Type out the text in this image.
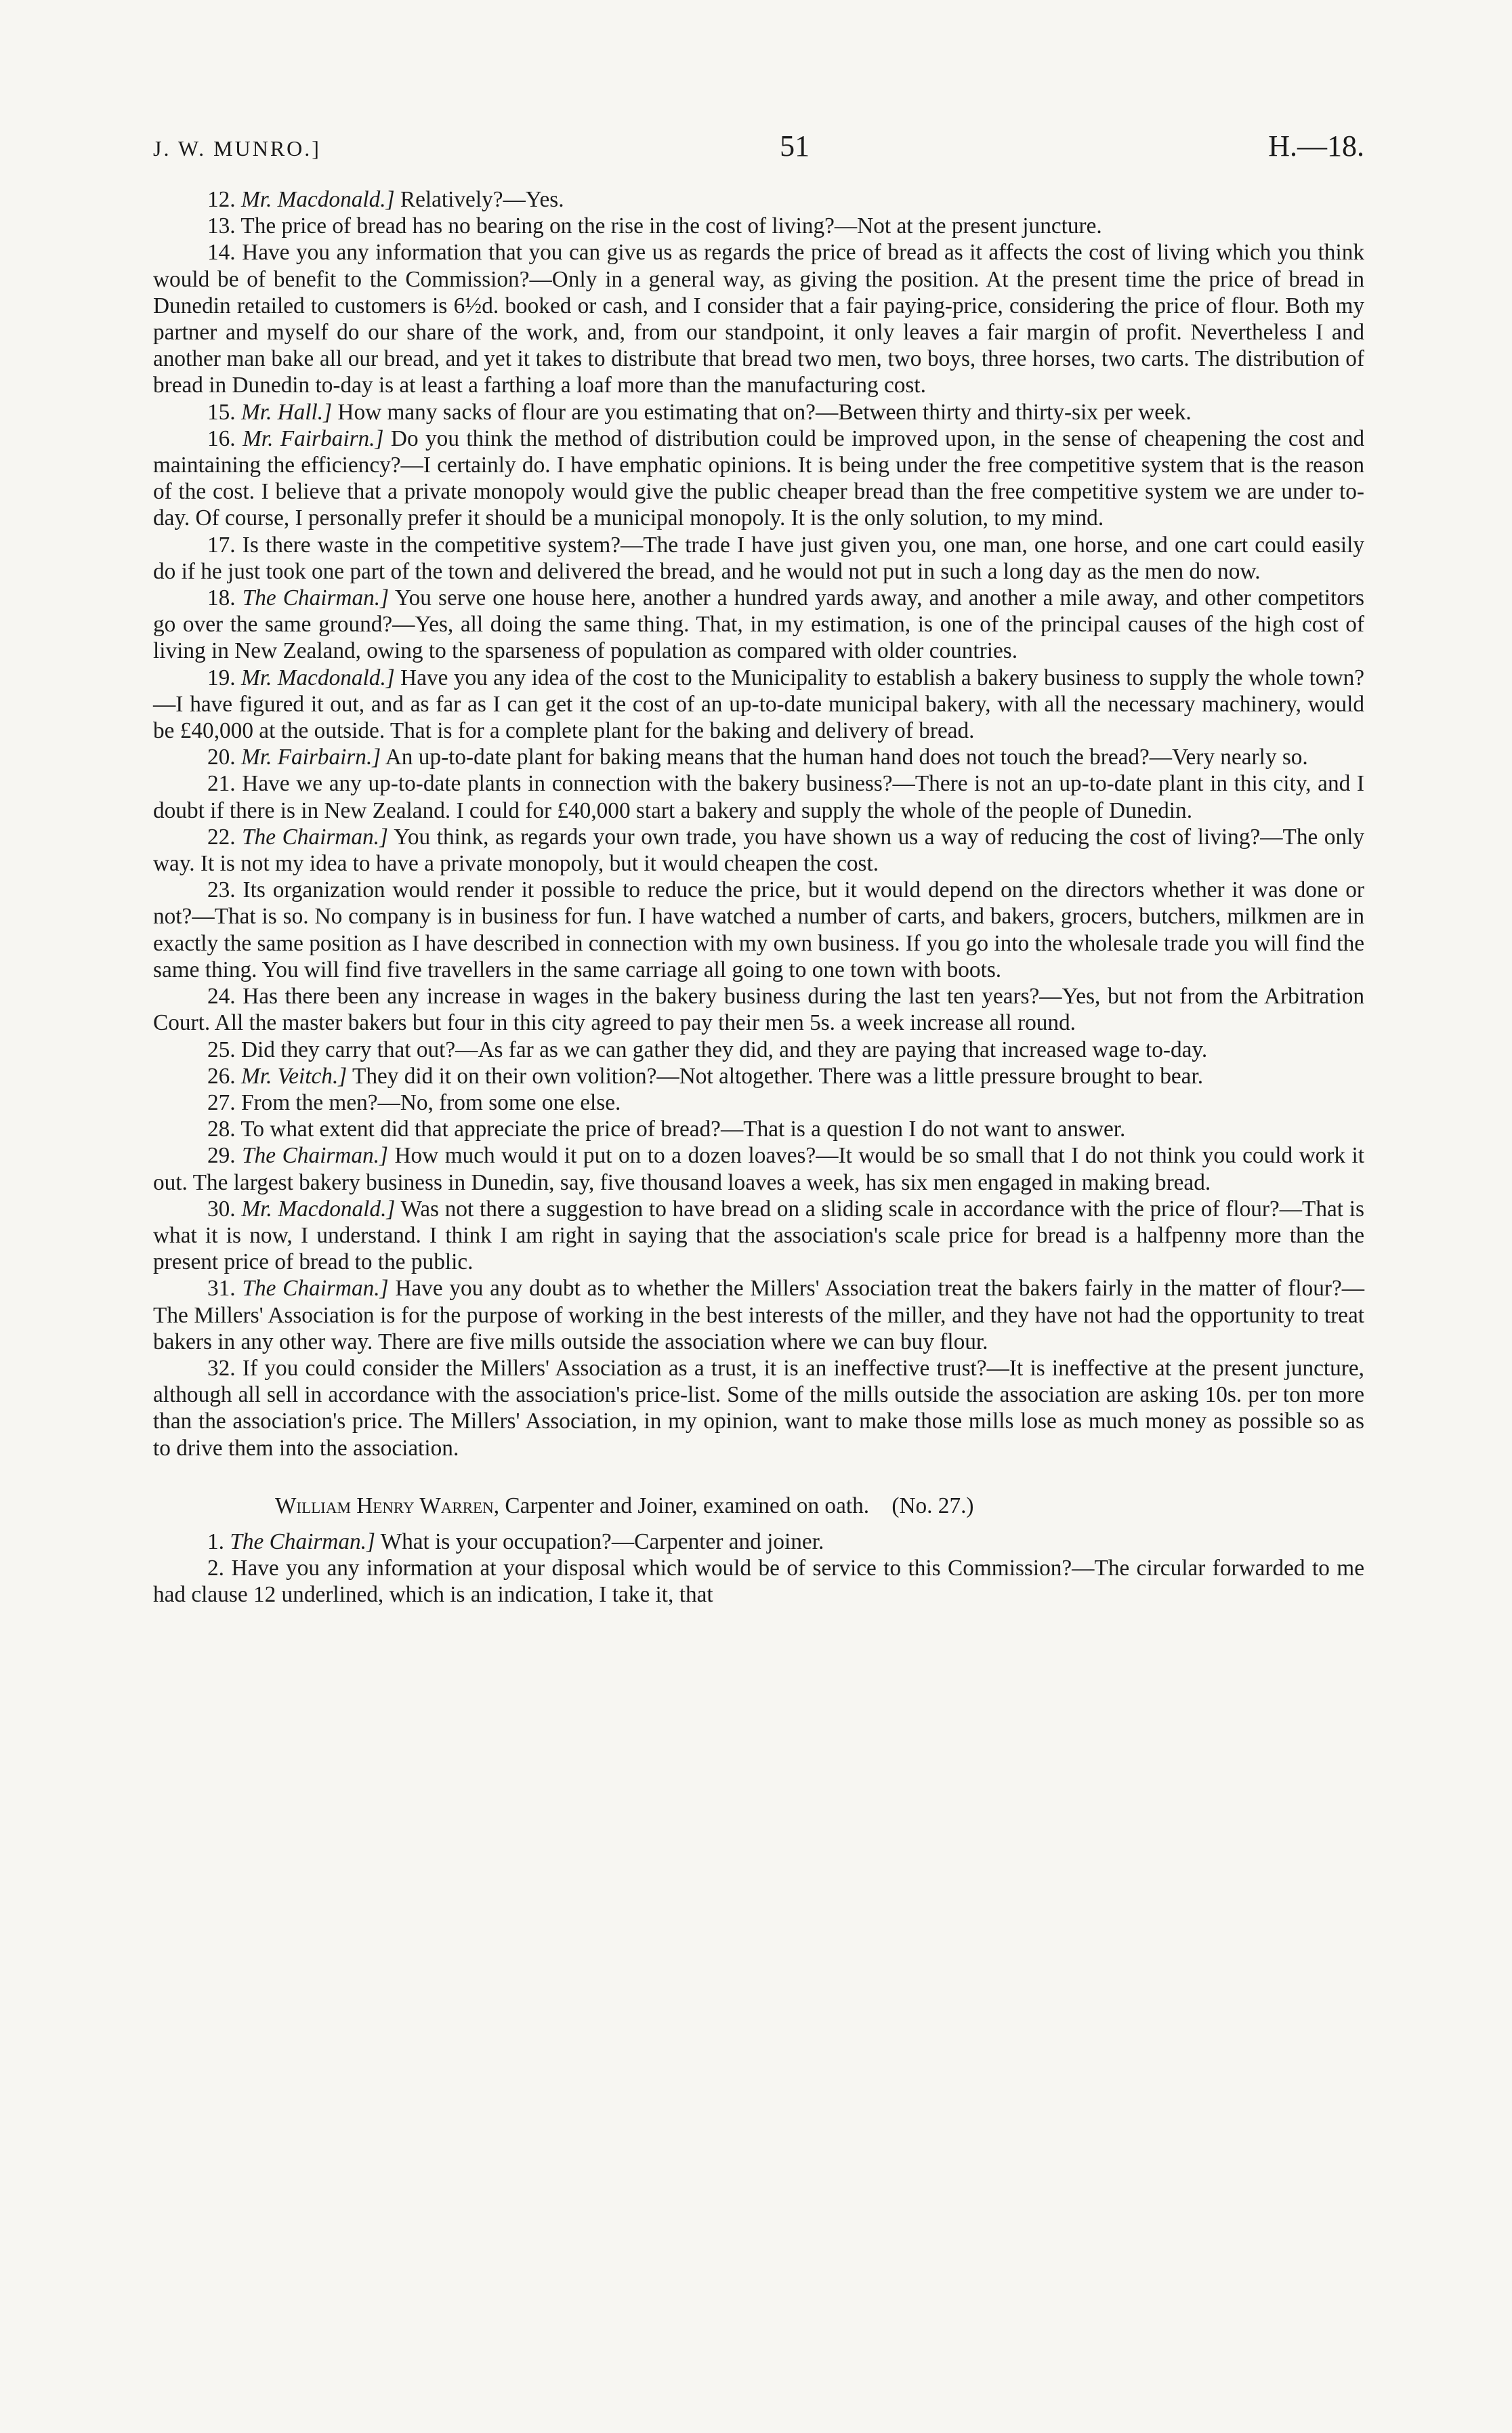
J. W. MUNRO.]	51	H.—18.

12. Mr. Macdonald.] Relatively?—Yes.

13. The price of bread has no bearing on the rise in the cost of living?—Not at the present juncture.

14. Have you any information that you can give us as regards the price of bread as it affects the cost of living which you think would be of benefit to the Commission?—Only in a general way, as giving the position. At the present time the price of bread in Dunedin retailed to customers is 6½d. booked or cash, and I consider that a fair paying-price, considering the price of flour. Both my partner and myself do our share of the work, and, from our standpoint, it only leaves a fair margin of profit. Nevertheless I and another man bake all our bread, and yet it takes to distribute that bread two men, two boys, three horses, two carts. The distribution of bread in Dunedin to-day is at least a farthing a loaf more than the manufacturing cost.

15. Mr. Hall.] How many sacks of flour are you estimating that on?—Between thirty and thirty-six per week.

16. Mr. Fairbairn.] Do you think the method of distribution could be improved upon, in the sense of cheapening the cost and maintaining the efficiency?—I certainly do. I have emphatic opinions. It is being under the free competitive system that is the reason of the cost. I believe that a private monopoly would give the public cheaper bread than the free competitive system we are under to-day. Of course, I personally prefer it should be a municipal monopoly. It is the only solution, to my mind.

17. Is there waste in the competitive system?—The trade I have just given you, one man, one horse, and one cart could easily do if he just took one part of the town and delivered the bread, and he would not put in such a long day as the men do now.

18. The Chairman.] You serve one house here, another a hundred yards away, and another a mile away, and other competitors go over the same ground?—Yes, all doing the same thing. That, in my estimation, is one of the principal causes of the high cost of living in New Zealand, owing to the sparseness of population as compared with older countries.

19. Mr. Macdonald.] Have you any idea of the cost to the Municipality to establish a bakery business to supply the whole town?—I have figured it out, and as far as I can get it the cost of an up-to-date municipal bakery, with all the necessary machinery, would be £40,000 at the outside. That is for a complete plant for the baking and delivery of bread.

20. Mr. Fairbairn.] An up-to-date plant for baking means that the human hand does not touch the bread?—Very nearly so.

21. Have we any up-to-date plants in connection with the bakery business?—There is not an up-to-date plant in this city, and I doubt if there is in New Zealand. I could for £40,000 start a bakery and supply the whole of the people of Dunedin.

22. The Chairman.] You think, as regards your own trade, you have shown us a way of reducing the cost of living?—The only way. It is not my idea to have a private monopoly, but it would cheapen the cost.

23. Its organization would render it possible to reduce the price, but it would depend on the directors whether it was done or not?—That is so. No company is in business for fun. I have watched a number of carts, and bakers, grocers, butchers, milkmen are in exactly the same position as I have described in connection with my own business. If you go into the wholesale trade you will find the same thing. You will find five travellers in the same carriage all going to one town with boots.

24. Has there been any increase in wages in the bakery business during the last ten years?—Yes, but not from the Arbitration Court. All the master bakers but four in this city agreed to pay their men 5s. a week increase all round.

25. Did they carry that out?—As far as we can gather they did, and they are paying that increased wage to-day.

26. Mr. Veitch.] They did it on their own volition?—Not altogether. There was a little pressure brought to bear.

27. From the men?—No, from some one else.

28. To what extent did that appreciate the price of bread?—That is a question I do not want to answer.

29. The Chairman.] How much would it put on to a dozen loaves?—It would be so small that I do not think you could work it out. The largest bakery business in Dunedin, say, five thousand loaves a week, has six men engaged in making bread.

30. Mr. Macdonald.] Was not there a suggestion to have bread on a sliding scale in accordance with the price of flour?—That is what it is now, I understand. I think I am right in saying that the association's scale price for bread is a halfpenny more than the present price of bread to the public.

31. The Chairman.] Have you any doubt as to whether the Millers' Association treat the bakers fairly in the matter of flour?—The Millers' Association is for the purpose of working in the best interests of the miller, and they have not had the opportunity to treat bakers in any other way. There are five mills outside the association where we can buy flour.

32. If you could consider the Millers' Association as a trust, it is an ineffective trust?—It is ineffective at the present juncture, although all sell in accordance with the association's price-list. Some of the mills outside the association are asking 10s. per ton more than the association's price. The Millers' Association, in my opinion, want to make those mills lose as much money as possible so as to drive them into the association.

William Henry Warren, Carpenter and Joiner, examined on oath. (No. 27.)

1. The Chairman.] What is your occupation?—Carpenter and joiner.

2. Have you any information at your disposal which would be of service to this Commission?—The circular forwarded to me had clause 12 underlined, which is an indication, I take it, that
